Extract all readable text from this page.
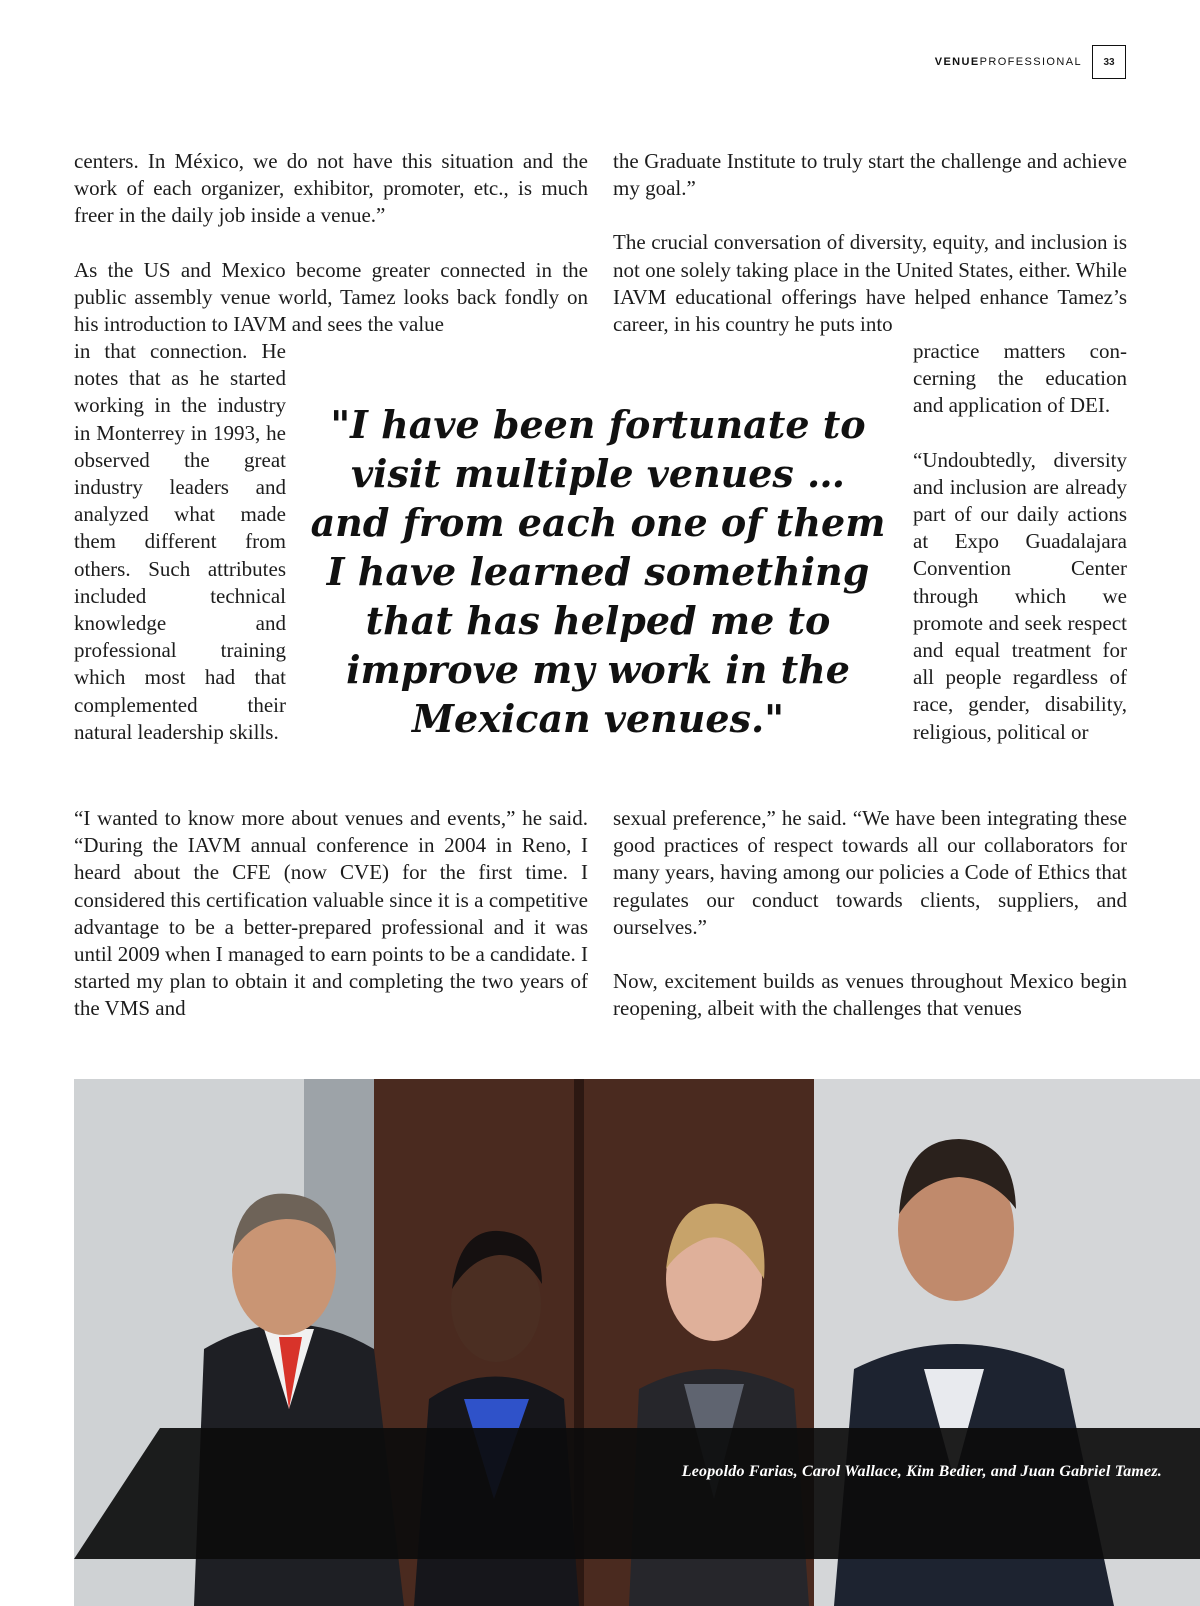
VENUEPROFESSIONAL	33

centers. In México, we do not have this situation and the work of each organizer, exhibitor, promoter, etc., is much freer in the daily job inside a venue.”

As the US and Mexico become greater connected in the public assembly venue world, Tamez looks back fondly on his introduction to IAVM and sees the value

the Graduate Institute to truly start the challenge and achieve my goal.”

The crucial conversation of diversity, equity, and inclusion is not one solely taking place in the United States, either. While IAVM educational offerings have helped enhance Tamez’s career, in his country he puts into

in that connection. He notes that as he started working in the industry in Monterrey in 1993, he observed the great industry leaders and analyzed what made them different from others. Such attributes included technical knowledge and professional training which most had that complemented their natural leadership skills.

practice matters concerning the education and application of DEI.

“Undoubtedly, diversity and inclusion are already part of our daily actions at Expo Guadalajara Convention Center through which we promote and seek respect and equal treatment for all people regardless of race, gender, disability, religious, political or

"I have been fortunate to visit multiple venues … and from each one of them I have learned something that has helped me to improve my work in the Mexican venues."

“I wanted to know more about venues and events,” he said. “During the IAVM annual conference in 2004 in Reno, I heard about the CFE (now CVE) for the first time. I considered this certification valuable since it is a competitive advantage to be a better-prepared professional and it was until 2009 when I managed to earn points to be a candidate. I started my plan to obtain it and completing the two years of the VMS and

sexual preference,” he said. “We have been integrating these good practices of respect towards all our collaborators for many years, having among our policies a Code of Ethics that regulates our conduct towards clients, suppliers, and ourselves.”

Now, excitement builds as venues throughout Mexico begin reopening, albeit with the challenges that venues

Leopoldo Farias, Carol Wallace, Kim Bedier, and Juan Gabriel Tamez.
